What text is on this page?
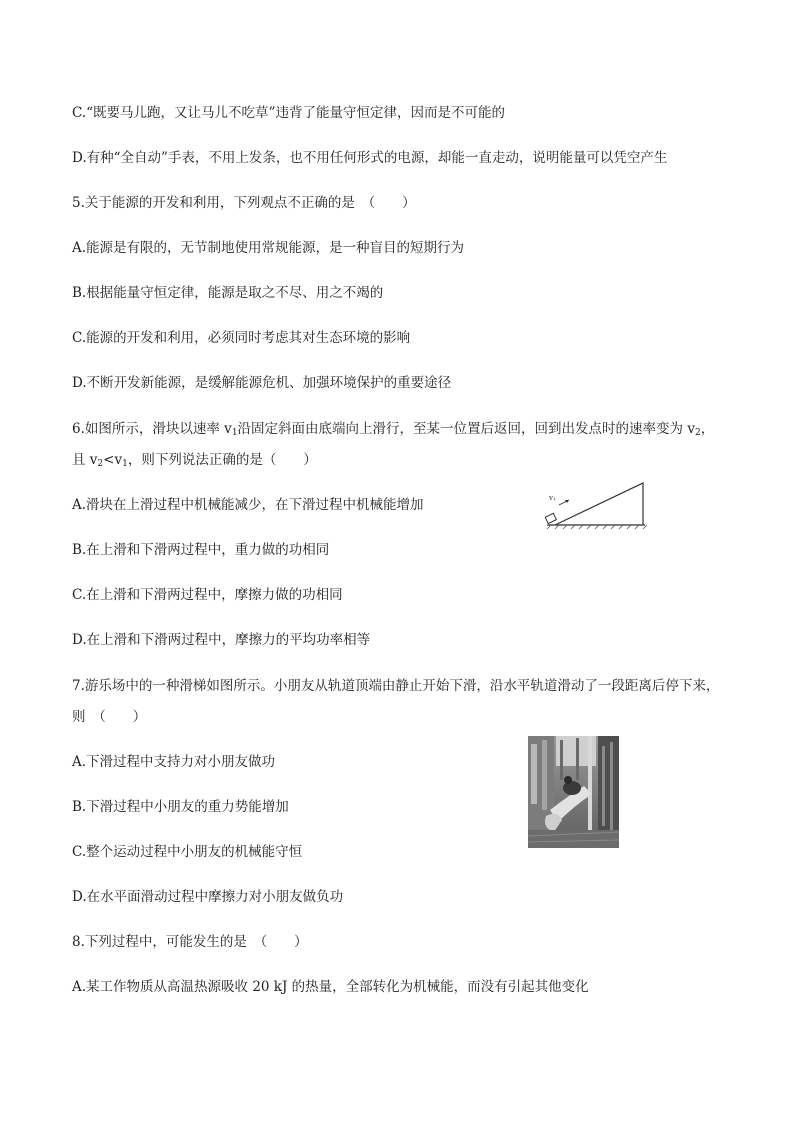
C.“既要马儿跑，又让马儿不吃草”违背了能量守恒定律，因而是不可能的
D.有种“全自动”手表，不用上发条，也不用任何形式的电源，却能一直走动，说明能量可以凭空产生
5.关于能源的开发和利用，下列观点不正确的是　（　　）
A.能源是有限的，无节制地使用常规能源，是一种盲目的短期行为
B.根据能量守恒定律，能源是取之不尽、用之不竭的
C.能源的开发和利用，必须同时考虑其对生态环境的影响
D.不断开发新能源，是缓解能源危机、加强环境保护的重要途径
6.如图所示，滑块以速率 $v_1$沿固定斜面由底端向上滑行，至某一位置后返回，回到出发点时的速率变为 $v_2$，
且 $v_2<v_1$，则下列说法正确的是（　　）
A.滑块在上滑过程中机械能减少，在下滑过程中机械能增加
B.在上滑和下滑两过程中，重力做的功相同
C.在上滑和下滑两过程中，摩擦力做的功相同
D.在上滑和下滑两过程中，摩擦力的平均功率相等
v₁
7.游乐场中的一种滑梯如图所示。小朋友从轨道顶端由静止开始下滑，沿水平轨道滑动了一段距离后停下来，
则　（　　）
A.下滑过程中支持力对小朋友做功
B.下滑过程中小朋友的重力势能增加
C.整个运动过程中小朋友的机械能守恒
D.在水平面滑动过程中摩擦力对小朋友做负功
8.下列过程中，可能发生的是　（　　）
A.某工作物质从高温热源吸收 20 kJ 的热量，全部转化为机械能，而没有引起其他变化
